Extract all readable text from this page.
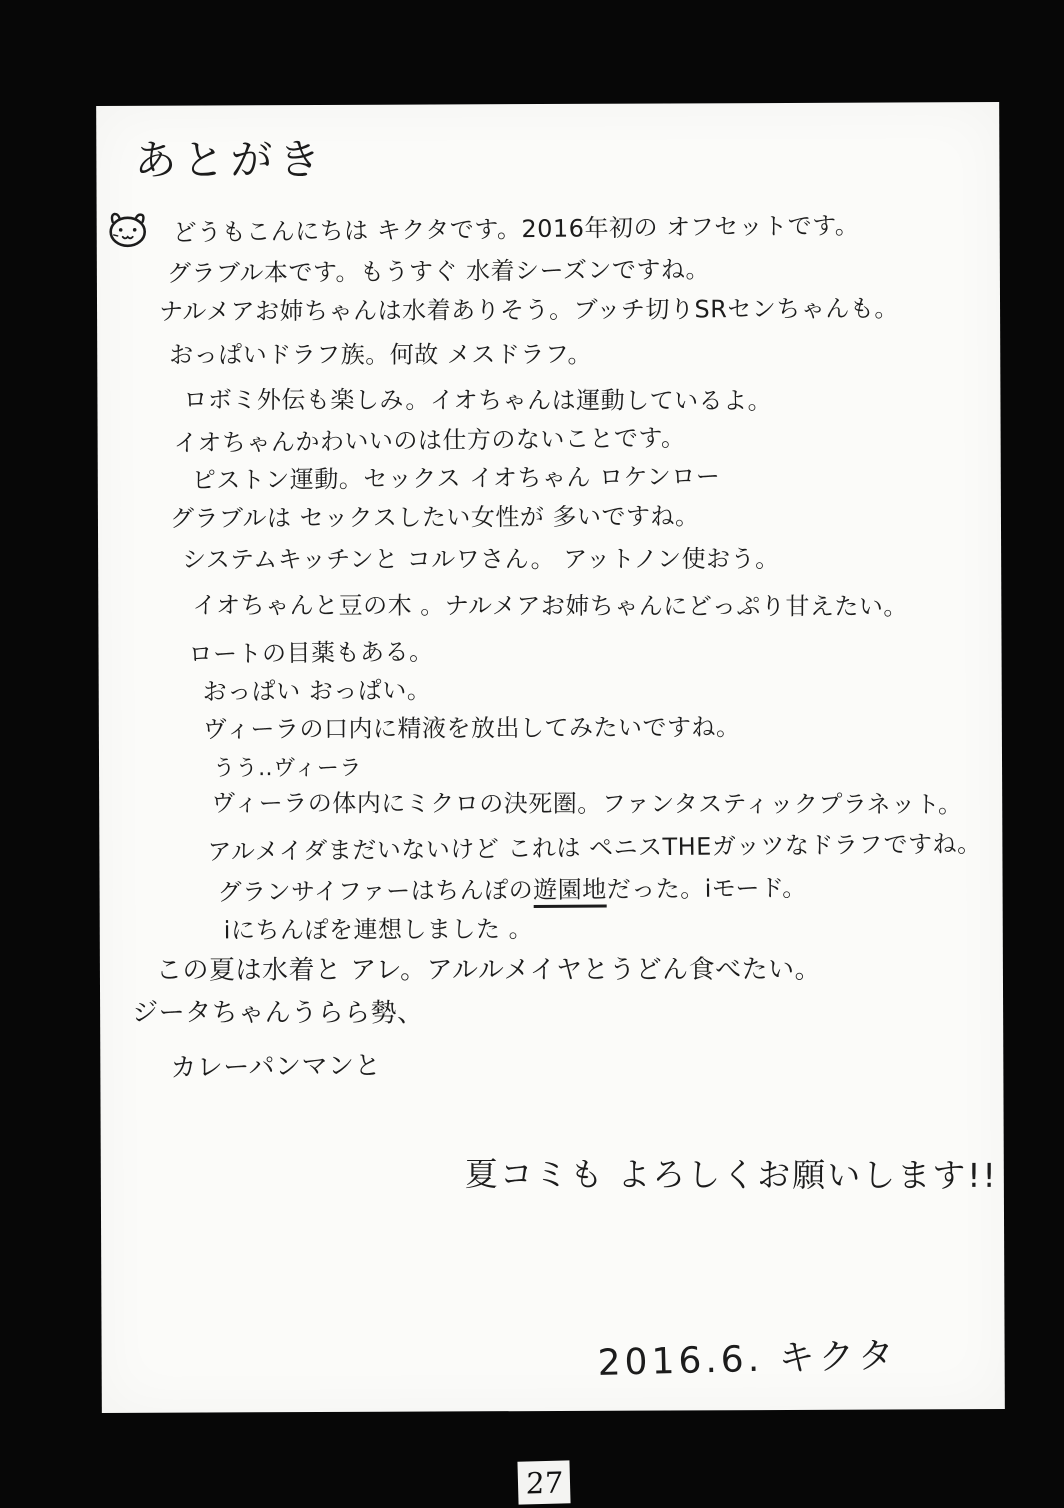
あとがき
どうもこんにちは キクタです。2016年初の オフセットです。
グラブル本です。もうすぐ 水着シーズンですね。
ナルメアお姉ちゃんは水着ありそう。ブッチ切りSRセンちゃんも。
おっぱいドラフ族。何故 メスドラフ。
ロボミ外伝も楽しみ。イオちゃんは運動しているよ。
イオちゃんかわいいのは仕方のないことです。
ピストン運動。セックス イオちゃん ロケンロー
グラブルは セックスしたい女性が 多いですね。
システムキッチンと コルワさん。 アットノン使おう。
イオちゃんと豆の木 。ナルメアお姉ちゃんにどっぷり甘えたい。
ロートの目薬もある。
おっぱい おっぱい。
ヴィーラの口内に精液を放出してみたいですね。
うう‥ヴィーラ
ヴィーラの体内にミクロの決死圏。ファンタスティックプラネット。
アルメイダまだいないけど これは ペニスTHEガッツなドラフですね。
グランサイファーはちんぽの遊園地だった。iモード。
iにちんぽを連想しました 。
この夏は水着と アレ。アルルメイヤとうどん食べたい。
ジータちゃんうらら勢、
カレーパンマンと
夏コミも よろしくお願いします!!
2016.6. キクタ
27
